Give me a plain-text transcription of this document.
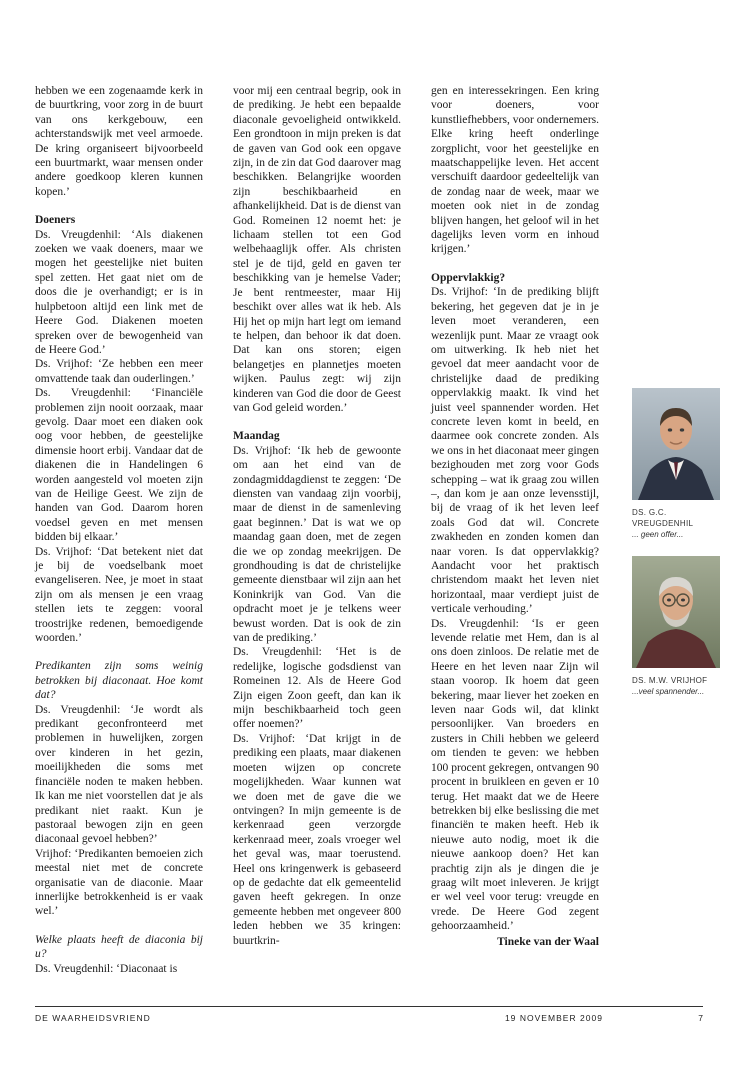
hebben we een zogenaamde kerk in de buurtkring, voor zorg in de buurt van ons kerkgebouw, een achterstandswijk met veel armoede. De kring organiseert bijvoorbeeld een buurtmarkt, waar mensen onder andere goedkoop kleren kunnen kopen.’

Doeners

Ds. Vreugdenhil: ‘Als diakenen zoeken we vaak doeners, maar we mogen het geestelijke niet buiten spel zetten. Het gaat niet om de doos die je overhandigt; er is in hulpbetoon altijd een link met de Heere God. Diakenen moeten spreken over de bewogenheid van de Heere God.’

Ds. Vrijhof: ‘Ze hebben een meer omvattende taak dan ouderlingen.’

Ds. Vreugdenhil: ‘Financiële problemen zijn nooit oorzaak, maar gevolg. Daar moet een diaken ook oog voor hebben, de geestelijke dimensie hoort erbij. Vandaar dat de diakenen die in Handelingen 6 worden aangesteld vol moeten zijn van de Heilige Geest. We zijn de handen van God. Daarom horen voedsel geven en met mensen bidden bij elkaar.’

Ds. Vrijhof: ‘Dat betekent niet dat je bij de voedselbank moet evangeliseren. Nee, je moet in staat zijn om als mensen je een vraag stellen iets te zeggen: vooral troostrijke redenen, bemoedigende woorden.’

Predikanten zijn soms weinig betrokken bij diaconaat. Hoe komt dat?

Ds. Vreugdenhil: ‘Je wordt als predikant geconfronteerd met problemen in huwelijken, zorgen over kinderen in het gezin, moeilijkheden die soms met financiële noden te maken hebben. Ik kan me niet voorstellen dat je als predikant niet raakt. Kun je pastoraal bewogen zijn en geen diaconaal gevoel hebben?’

Vrijhof: ‘Predikanten bemoeien zich meestal niet met de concrete organisatie van de diaconie. Maar innerlijke betrokkenheid is er vaak wel.’

Welke plaats heeft de diaconia bij u?

Ds. Vreugdenhil: ‘Diaconaat is

voor mij een centraal begrip, ook in de prediking. Je hebt een bepaalde diaconale gevoeligheid ontwikkeld. Een grondtoon in mijn preken is dat de gaven van God ook een opgave zijn, in de zin dat God daarover mag beschikken. Belangrijke woorden zijn beschikbaarheid en afhankelijkheid. Dat is de dienst van God. Romeinen 12 noemt het: je lichaam stellen tot een God welbehaaglijk offer. Als christen stel je de tijd, geld en gaven ter beschikking van je hemelse Vader; Je bent rentmeester, maar Hij beschikt over alles wat ik heb. Als Hij het op mijn hart legt om iemand te helpen, dan behoor ik dat doen. Dat kan ons storen; eigen belangetjes en plannetjes moeten wijken. Paulus zegt: wij zijn kinderen van God die door de Geest van God geleid worden.’

Maandag

Ds. Vrijhof: ‘Ik heb de gewoonte om aan het eind van de zondagmiddagdienst te zeggen: ‘De diensten van vandaag zijn voorbij, maar de dienst in de samenleving gaat beginnen.’ Dat is wat we op maandag gaan doen, met de zegen die we op zondag meekrijgen. De grondhouding is dat de christelijke gemeente dienstbaar wil zijn aan het Koninkrijk van God. Van die opdracht moet je je telkens weer bewust worden. Dat is ook de zin van de prediking.’

Ds. Vreugdenhil: ‘Het is de redelijke, logische godsdienst van Romeinen 12. Als de Heere God Zijn eigen Zoon geeft, dan kan ik mijn beschikbaarheid toch geen offer noemen?’

Ds. Vrijhof: ‘Dat krijgt in de prediking een plaats, maar diakenen moeten wijzen op concrete mogelijkheden. Waar kunnen wat we doen met de gave die we ontvingen? In mijn gemeente is de kerkenraad geen verzorgde kerkenraad meer, zoals vroeger wel het geval was, maar toerustend. Heel ons kringenwerk is gebaseerd op de gedachte dat elk gemeentelid gaven heeft gekregen. In onze gemeente hebben met ongeveer 800 leden hebben we 35 kringen: buurtkrin-

gen en interessekringen. Een kring voor doeners, voor kunstliefhebbers, voor ondernemers. Elke kring heeft onderlinge zorgplicht, voor het geestelijke en maatschappelijke leven. Het accent verschuift daardoor gedeeltelijk van de zondag naar de week, maar we moeten ook niet in de zondag blijven hangen, het geloof wil in het dagelijks leven vorm en inhoud krijgen.’

Oppervlakkig?

Ds. Vrijhof: ‘In de prediking blijft bekering, het gegeven dat je in je leven moet veranderen, een wezenlijk punt. Maar ze vraagt ook om uitwerking. Ik heb niet het gevoel dat meer aandacht voor de christelijke daad de prediking oppervlakkig maakt. Ik vind het juist veel spannender worden. Het concrete leven komt in beeld, en daarmee ook concrete zonden. Als we ons in het diaconaat meer gingen bezighouden met zorg voor Gods schepping – wat ik graag zou willen –, dan kom je aan onze levensstijl, bij de vraag of ik het leven leef zoals God dat wil. Concrete zwakheden en zonden komen dan naar voren. Is dat oppervlakkig? Aandacht voor het praktisch christendom maakt het leven niet horizontaal, maar verdiept juist de verticale verhouding.’

Ds. Vreugdenhil: ‘Is er geen levende relatie met Hem, dan is al ons doen zinloos. De relatie met de Heere en het leven naar Zijn wil staan voorop. Ik hoem dat geen bekering, maar liever het zoeken en leven naar Gods wil, dat klinkt persoonlijker. Van broeders en zusters in Chili hebben we geleerd om tienden te geven: we hebben 100 procent gekregen, ontvangen 90 procent in bruikleen en geven er 10 terug. Het maakt dat we de Heere betrekken bij elke beslissing die met financiën te maken heeft. Heb ik nieuwe auto nodig, moet ik die nieuwe aankoop doen? Het kan prachtig zijn als je dingen die je graag wilt moet inleveren. Je krijgt er wel veel voor terug: vreugde en vrede. De Heere God zegent gehoorzaamheid.’

Tineke van der Waal

DS. G.C. VREUGDENHIL
... geen offer...
DS. M.W. VRIJHOF
...veel spannender...
DE WAARHEIDSVRIEND	19 NOVEMBER 2009	7
